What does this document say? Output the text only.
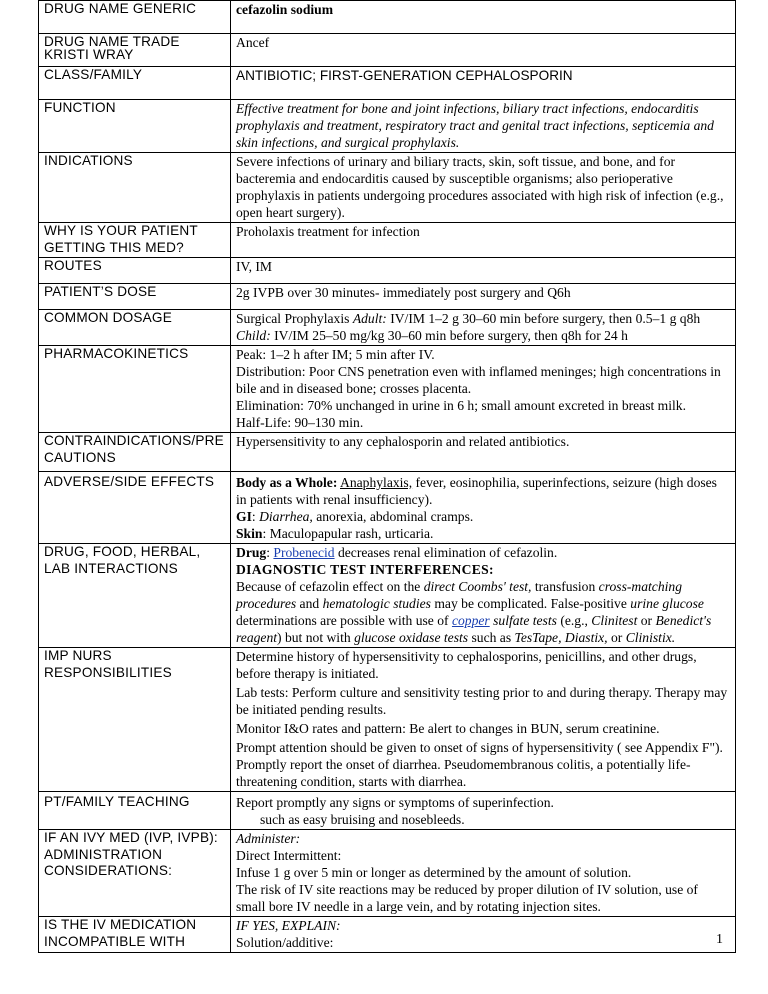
DRUG NAME GENERIC	cefazolin sodium
DRUG NAME TRADE KRISTI WRAY	Ancef
CLASS/FAMILY	ANTIBIOTIC; FIRST-GENERATION CEPHALOSPORIN
FUNCTION	Effective treatment for bone and joint infections, biliary tract infections, endocarditis prophylaxis and treatment, respiratory tract and genital tract infections, septicemia and skin infections, and surgical prophylaxis.
INDICATIONS	Severe infections of urinary and biliary tracts, skin, soft tissue, and bone, and for bacteremia and endocarditis caused by susceptible organisms; also perioperative prophylaxis in patients undergoing procedures associated with high risk of infection (e.g., open heart surgery).
WHY IS YOUR PATIENT GETTING THIS MED?	Proholaxis treatment for infection
ROUTES	IV, IM
PATIENT’S DOSE	2g IVPB over 30 minutes- immediately post surgery and Q6h
COMMON DOSAGE	Surgical Prophylaxis Adult: IV/IM 1–2 g 30–60 min before surgery, then 0.5–1 g q8h Child: IV/IM 25–50 mg/kg 30–60 min before surgery, then q8h for 24 h
PHARMACOKINETICS	Peak: 1–2 h after IM; 5 min after IV.
Distribution: Poor CNS penetration even with inflamed meninges; high concentrations in bile and in diseased bone; crosses placenta.
Elimination: 70% unchanged in urine in 6 h; small amount excreted in breast milk.
Half-Life: 90–130 min.

CONTRAINDICATIONS/PRECAUTIONS	Hypersensitivity to any cephalosporin and related antibiotics.
ADVERSE/SIDE EFFECTS	Body as a Whole: Anaphylaxis, fever, eosinophilia, superinfections, seizure (high doses in patients with renal insufficiency).
GI: Diarrhea, anorexia, abdominal cramps.
Skin: Maculopapular rash, urticaria.

DRUG, FOOD, HERBAL, LAB INTERACTIONS	Drug: Probenecid decreases renal elimination of cefazolin.
DIAGNOSTIC TEST INTERFERENCES:
Because of cefazolin effect on the direct Coombs' test, transfusion cross-matching procedures and hematologic studies may be complicated. False-positive urine glucose determinations are possible with use of copper sulfate tests (e.g., Clinitest or Benedict's reagent) but not with glucose oxidase tests such as TesTape, Diastix, or Clinistix.

IMP NURS RESPONSIBILITIES	Determine history of hypersensitivity to cephalosporins, penicillins, and other drugs, before therapy is initiated.
Lab tests: Perform culture and sensitivity testing prior to and during therapy. Therapy may be initiated pending results.
Monitor I&O rates and pattern: Be alert to changes in BUN, serum creatinine.
Prompt attention should be given to onset of signs of hypersensitivity ( see Appendix F").
Promptly report the onset of diarrhea. Pseudomembranous colitis, a potentially life-threatening condition, starts with diarrhea.

PT/FAMILY TEACHING	Report promptly any signs or symptoms of superinfection.
such as easy bruising and nosebleeds.

IF AN IVY MED (IVP, IVPB): ADMINISTRATION CONSIDERATIONS:	Administer:
Direct Intermittent:
Infuse 1 g over 5 min or longer as determined by the amount of solution.
The risk of IV site reactions may be reduced by proper dilution of IV solution, use of small bore IV needle in a large vein, and by rotating injection sites.

IS THE IV MEDICATION INCOMPATIBLE WITH	IF YES, EXPLAIN:
Solution/additive:	1
